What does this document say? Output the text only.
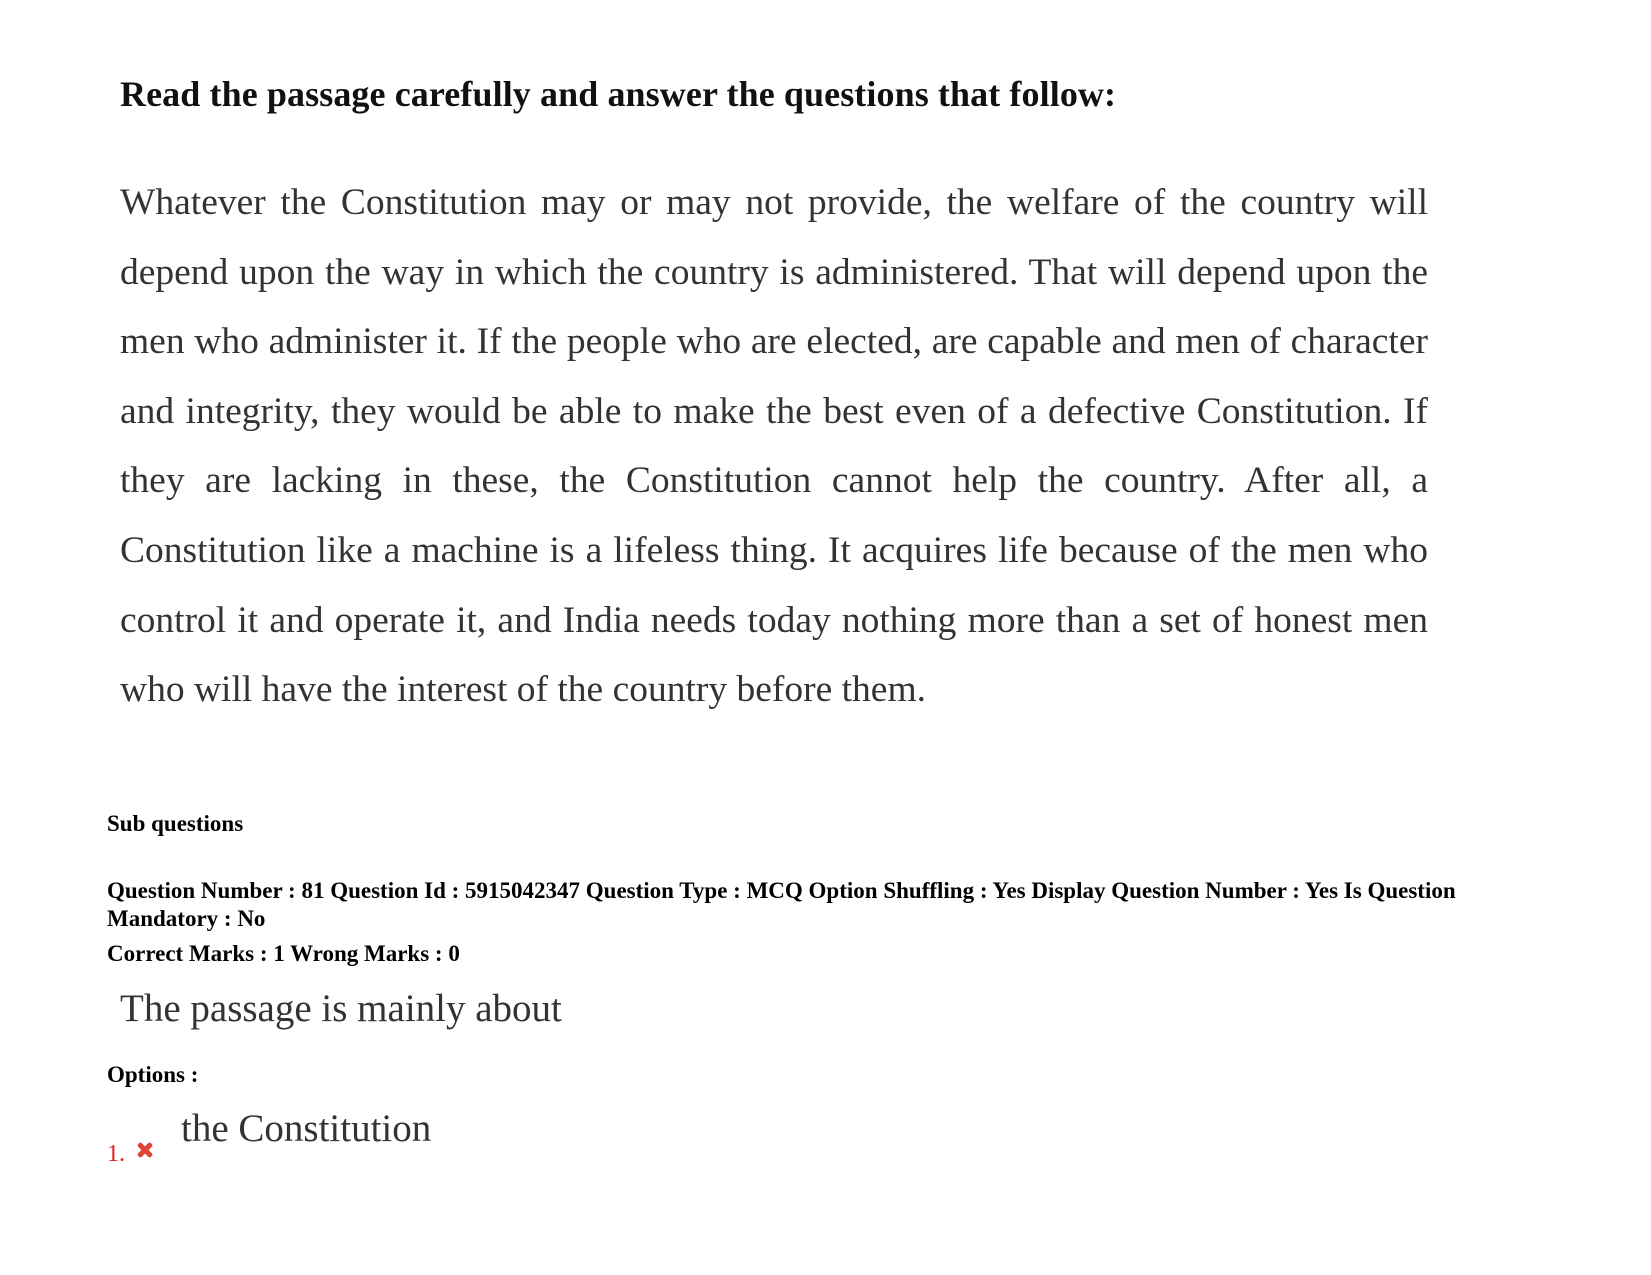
Read the passage carefully and answer the questions that follow:

Whatever the Constitution may or may not provide, the welfare of the country will depend upon the way in which the country is administered. That will depend upon the men who administer it. If the people who are elected, are capable and men of character and integrity, they would be able to make the best even of a defective Constitution. If they are lacking in these, the Constitution cannot help the country. After all, a Constitution like a machine is a lifeless thing. It acquires life because of the men who control it and operate it, and India needs today nothing more than a set of honest men who will have the interest of the country before them.

Sub questions
Question Number : 81 Question Id : 5915042347 Question Type : MCQ Option Shuffling : Yes Display Question Number : Yes Is Question Mandatory : No
Correct Marks : 1 Wrong Marks : 0

The passage is mainly about

Options :
1.
the Constitution
